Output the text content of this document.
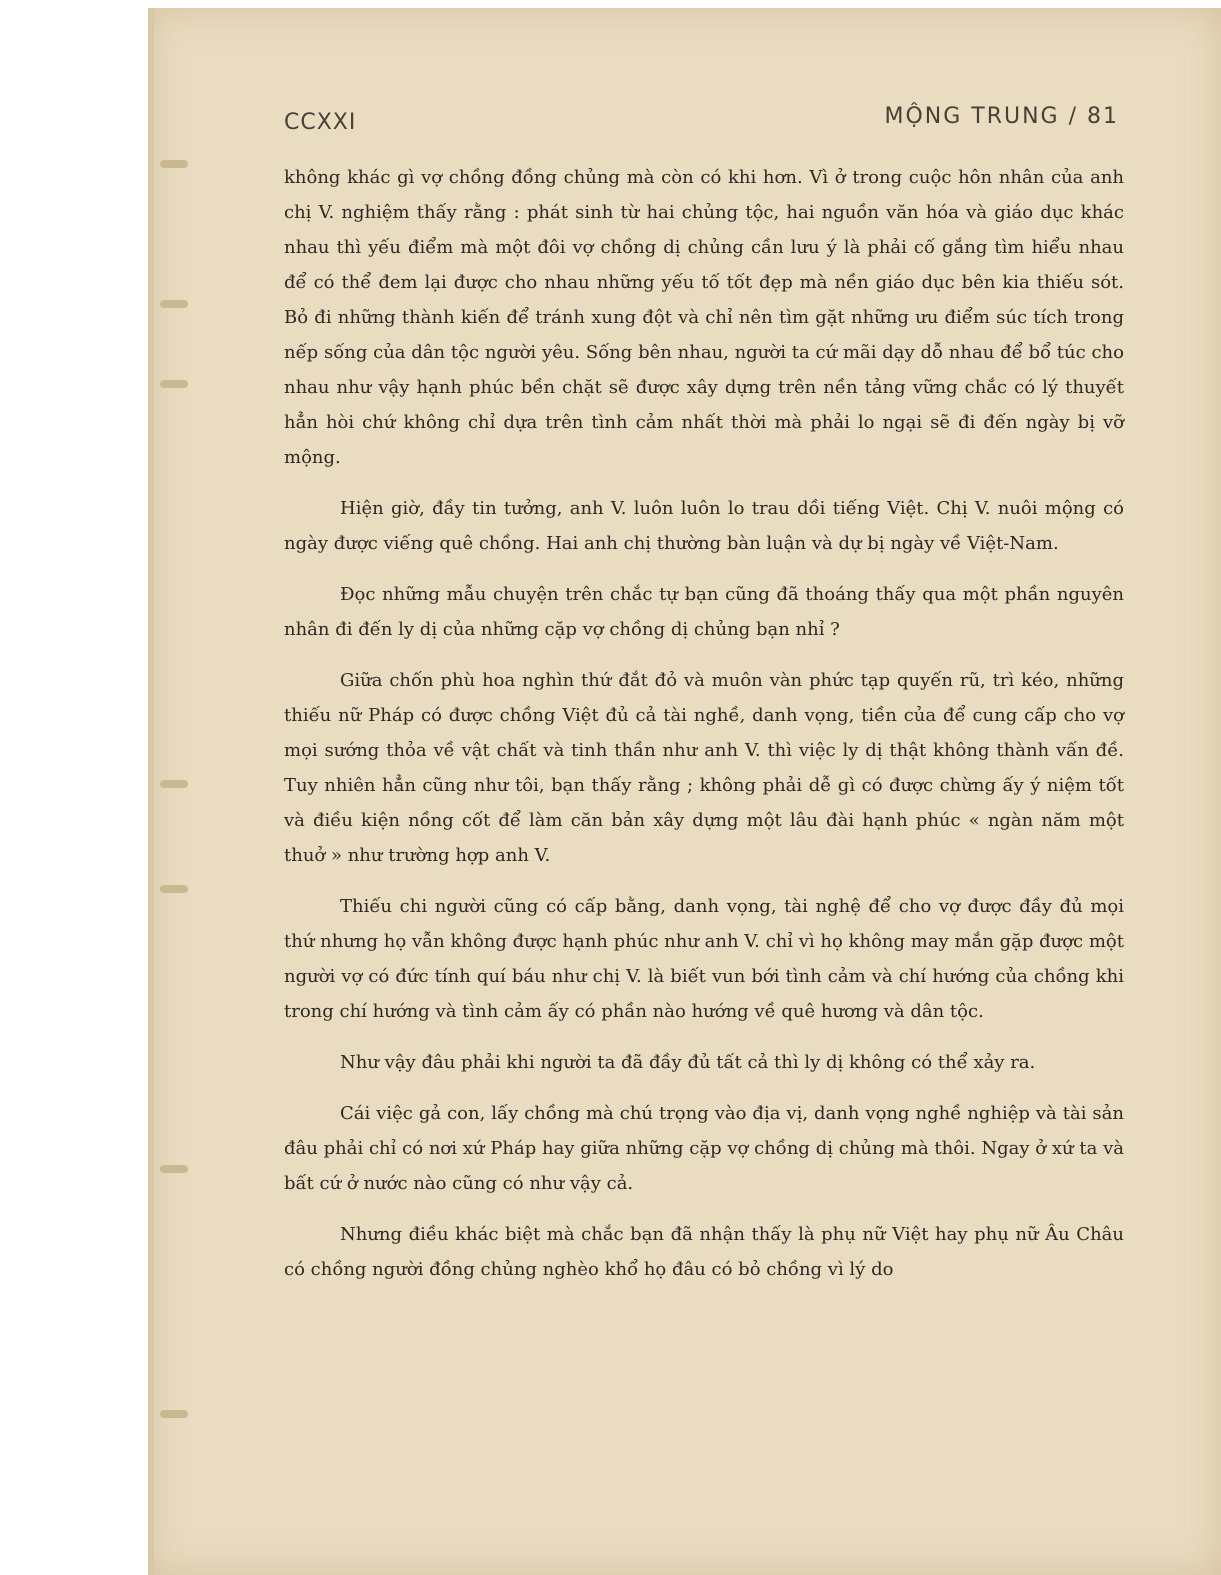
CCXXI	MỘNG TRUNG / 81

không khác gì vợ chồng đồng chủng mà còn có khi hơn. Vì ở trong cuộc hôn nhân của anh chị V. nghiệm thấy rằng : phát sinh từ hai chủng tộc, hai nguồn văn hóa và giáo dục khác nhau thì yếu điểm mà một đôi vợ chồng dị chủng cần lưu ý là phải cố gắng tìm hiểu nhau để có thể đem lại được cho nhau những yếu tố tốt đẹp mà nền giáo dục bên kia thiếu sót. Bỏ đi những thành kiến để tránh xung đột và chỉ nên tìm gặt những ưu điểm súc tích trong nếp sống của dân tộc người yêu. Sống bên nhau, người ta cứ mãi dạy dỗ nhau để bổ túc cho nhau như vậy hạnh phúc bền chặt sẽ được xây dựng trên nền tảng vững chắc có lý thuyết hẳn hòi chứ không chỉ dựa trên tình cảm nhất thời mà phải lo ngại sẽ đi đến ngày bị vỡ mộng.

Hiện giờ, đầy tin tưởng, anh V. luôn luôn lo trau dồi tiếng Việt. Chị V. nuôi mộng có ngày được viếng quê chồng. Hai anh chị thường bàn luận và dự bị ngày về Việt-Nam.

Đọc những mẫu chuyện trên chắc tự bạn cũng đã thoáng thấy qua một phần nguyên nhân đi đến ly dị của những cặp vợ chồng dị chủng bạn nhỉ ?

Giữa chốn phù hoa nghìn thứ đắt đỏ và muôn vàn phức tạp quyến rũ, trì kéo, những thiếu nữ Pháp có được chồng Việt đủ cả tài nghề, danh vọng, tiền của để cung cấp cho vợ mọi sướng thỏa về vật chất và tinh thần như anh V. thì việc ly dị thật không thành vấn đề. Tuy nhiên hẳn cũng như tôi, bạn thấy rằng ; không phải dễ gì có được chừng ấy ý niệm tốt và điều kiện nồng cốt để làm căn bản xây dựng một lâu đài hạnh phúc « ngàn năm một thuở » như trường hợp anh V.

Thiếu chi người cũng có cấp bằng, danh vọng, tài nghệ để cho vợ được đầy đủ mọi thứ nhưng họ vẫn không được hạnh phúc như anh V. chỉ vì họ không may mắn gặp được một người vợ có đức tính quí báu như chị V. là biết vun bới tình cảm và chí hướng của chồng khi trong chí hướng và tình cảm ấy có phần nào hướng về quê hương và dân tộc.

Như vậy đâu phải khi người ta đã đầy đủ tất cả thì ly dị không có thể xảy ra.

Cái việc gả con, lấy chồng mà chú trọng vào địa vị, danh vọng nghề nghiệp và tài sản đâu phải chỉ có nơi xứ Pháp hay giữa những cặp vợ chồng dị chủng mà thôi. Ngay ở xứ ta và bất cứ ở nước nào cũng có như vậy cả.

Nhưng điều khác biệt mà chắc bạn đã nhận thấy là phụ nữ Việt hay phụ nữ Âu Châu có chồng người đồng chủng nghèo khổ họ đâu có bỏ chồng vì lý do
